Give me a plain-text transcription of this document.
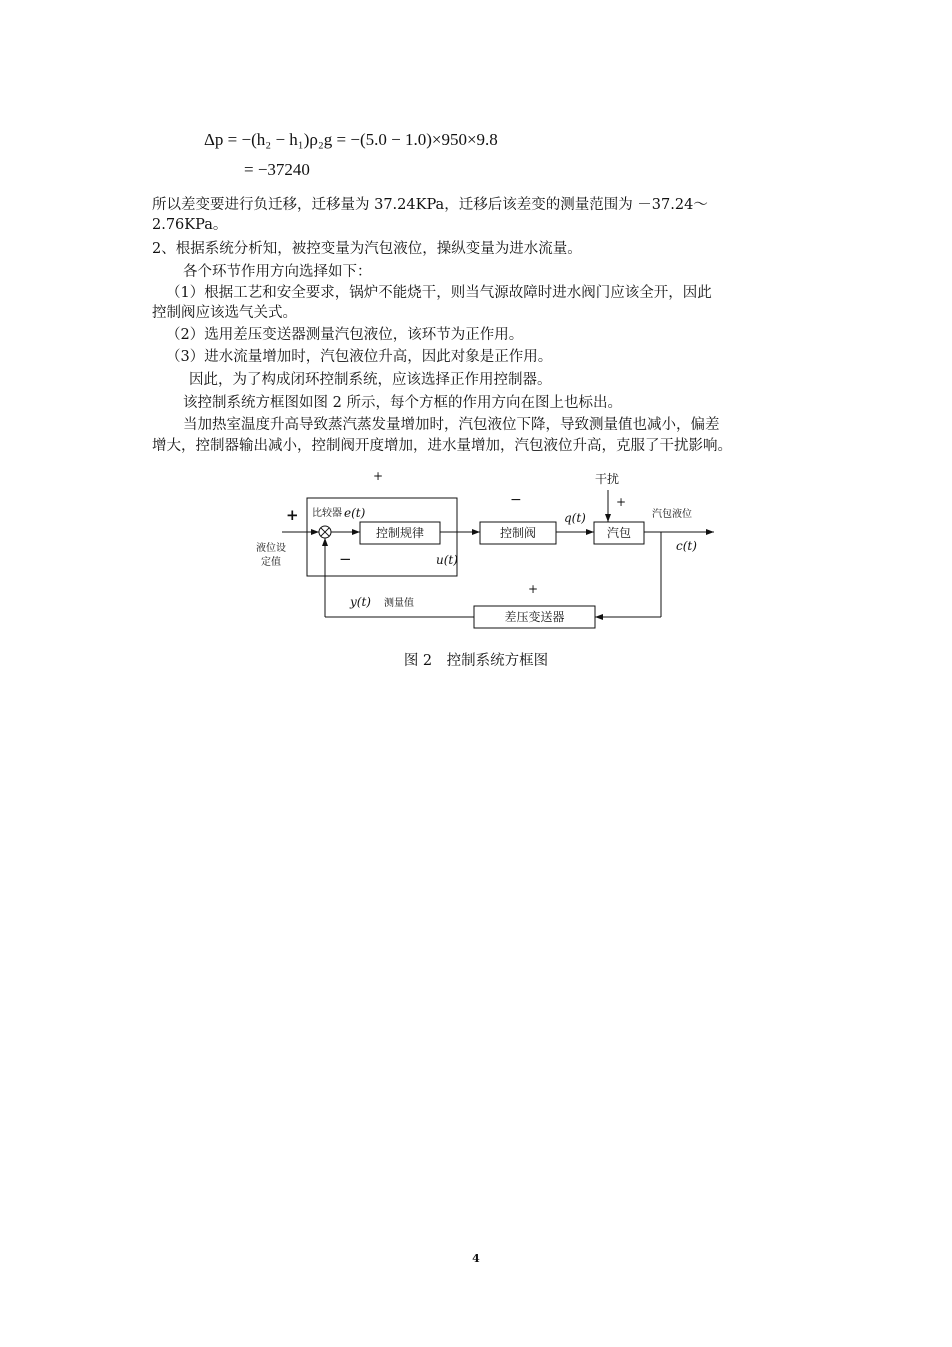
Δp = −(h₂ − h₁)ρ₂g = −(5.0 − 1.0)×950×9.8
= −37240
所以差变要进行负迁移，迁移量为 37.24KPa，迁移后该差变的测量范围为 －37.24～
2.76KPa。
2、根据系统分析知，被控变量为汽包液位，操纵变量为进水流量。
各个环节作用方向选择如下：
（1）根据工艺和安全要求，锅炉不能烧干，则当气源故障时进水阀门应该全开，因此
控制阀应该选气关式。
（2）选用差压变送器测量汽包液位，该环节为正作用。
（3）进水流量增加时，汽包液位升高，因此对象是正作用。
因此，为了构成闭环控制系统，应该选择正作用控制器。
该控制系统方框图如图 2 所示，每个方框的作用方向在图上也标出。
当加热室温度升高导致蒸汽蒸发量增加时，汽包液位下降，导致测量值也减小，偏差
增大，控制器输出减小，控制阀开度增加，进水量增加，汽包液位升高，克服了干扰影响。
液位设
定值
+ 比较器 e(t)
−
+
控制规律
u(t)
−
控制阀
q(t)
干扰
+
汽包
汽包液位
c(t)
+
差压变送器
y(t) 测量值
图 2　控制系统方框图
4
